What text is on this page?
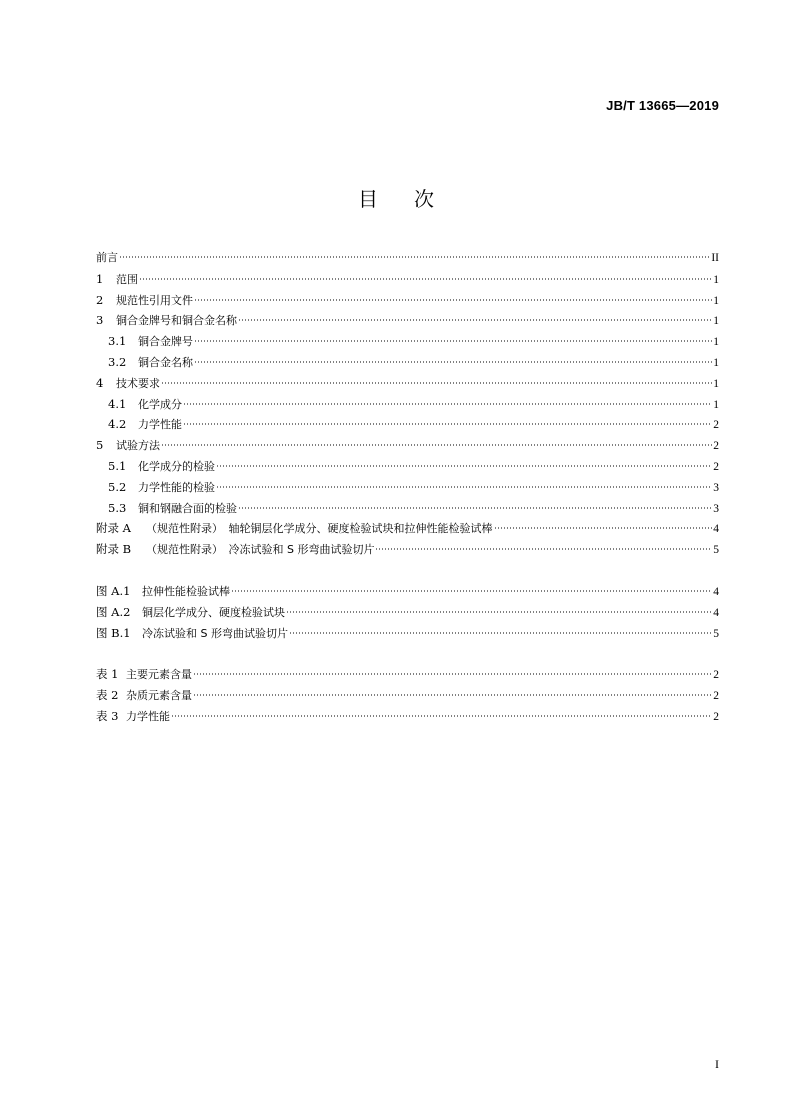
JB/T 13665—2019
目 次
前言	II
1	范围	1
2	规范性引用文件	1
3	铜合金牌号和铜合金名称	1
3.1	铜合金牌号	1
3.2	铜合金名称	1
4	技术要求	1
4.1	化学成分	1
4.2	力学性能	2
5	试验方法	2
5.1	化学成分的检验	2
5.2	力学性能的检验	3
5.3	铜和钢融合面的检验	3
附录 A	（规范性附录）　轴轮铜层化学成分、硬度检验试块和拉伸性能检验试棒	4
附录 B	（规范性附录）　冷冻试验和 S 形弯曲试验切片	5
图 A.1	拉伸性能检验试棒	4
图 A.2	铜层化学成分、硬度检验试块	4
图 B.1	冷冻试验和 S 形弯曲试验切片	5
表 1 主要元素含量	2
表 2 杂质元素含量	2
表 3 力学性能	2
I
